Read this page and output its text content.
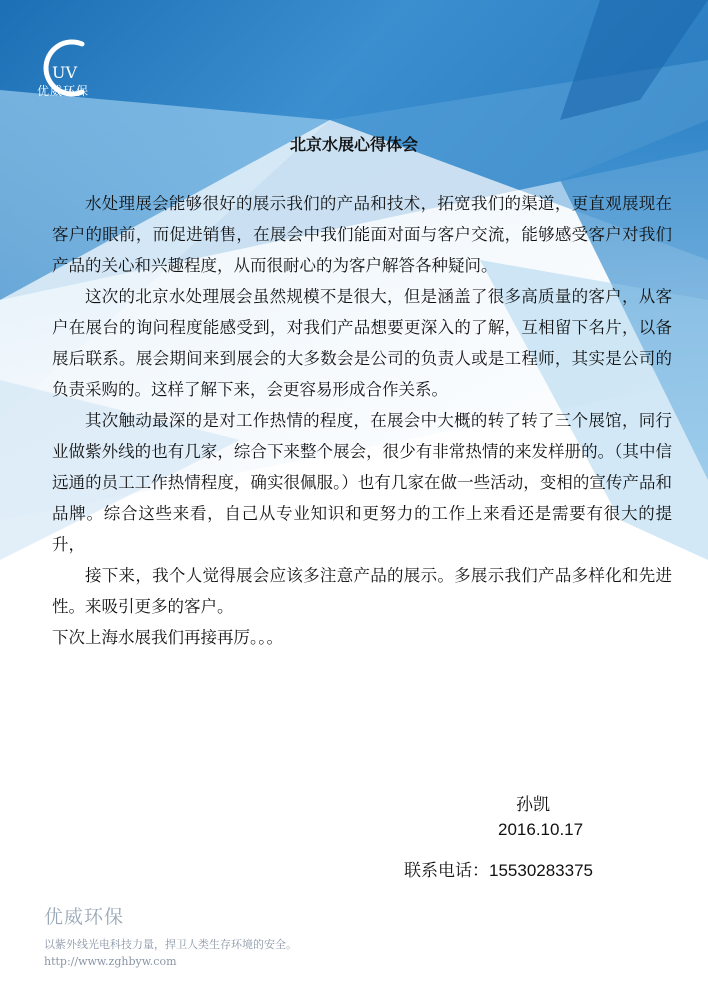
UV
优威环保
北京水展心得体会

水处理展会能够很好的展示我们的产品和技术，拓宽我们的渠道，更直观展现在客户的眼前，而促进销售，在展会中我们能面对面与客户交流，能够感受客户对我们产品的关心和兴趣程度，从而很耐心的为客户解答各种疑问。

这次的北京水处理展会虽然规模不是很大，但是涵盖了很多高质量的客户，从客户在展台的询问程度能感受到，对我们产品想要更深入的了解，互相留下名片，以备展后联系。展会期间来到展会的大多数会是公司的负责人或是工程师，其实是公司的负责采购的。这样了解下来，会更容易形成合作关系。

其次触动最深的是对工作热情的程度，在展会中大概的转了转了三个展馆，同行业做紫外线的也有几家，综合下来整个展会，很少有非常热情的来发样册的。（其中信远通的员工工作热情程度，确实很佩服。）也有几家在做一些活动，变相的宣传产品和品牌。综合这些来看，自己从专业知识和更努力的工作上来看还是需要有很大的提升，

接下来，我个人觉得展会应该多注意产品的展示。多展示我们产品多样化和先进性。来吸引更多的客户。

下次上海水展我们再接再厉。。。

孙凯
2016.10.17
联系电话：15530283375
优威环保
以紫外线光电科技力量，捍卫人类生存环境的安全。
http://www.zghbyw.com
